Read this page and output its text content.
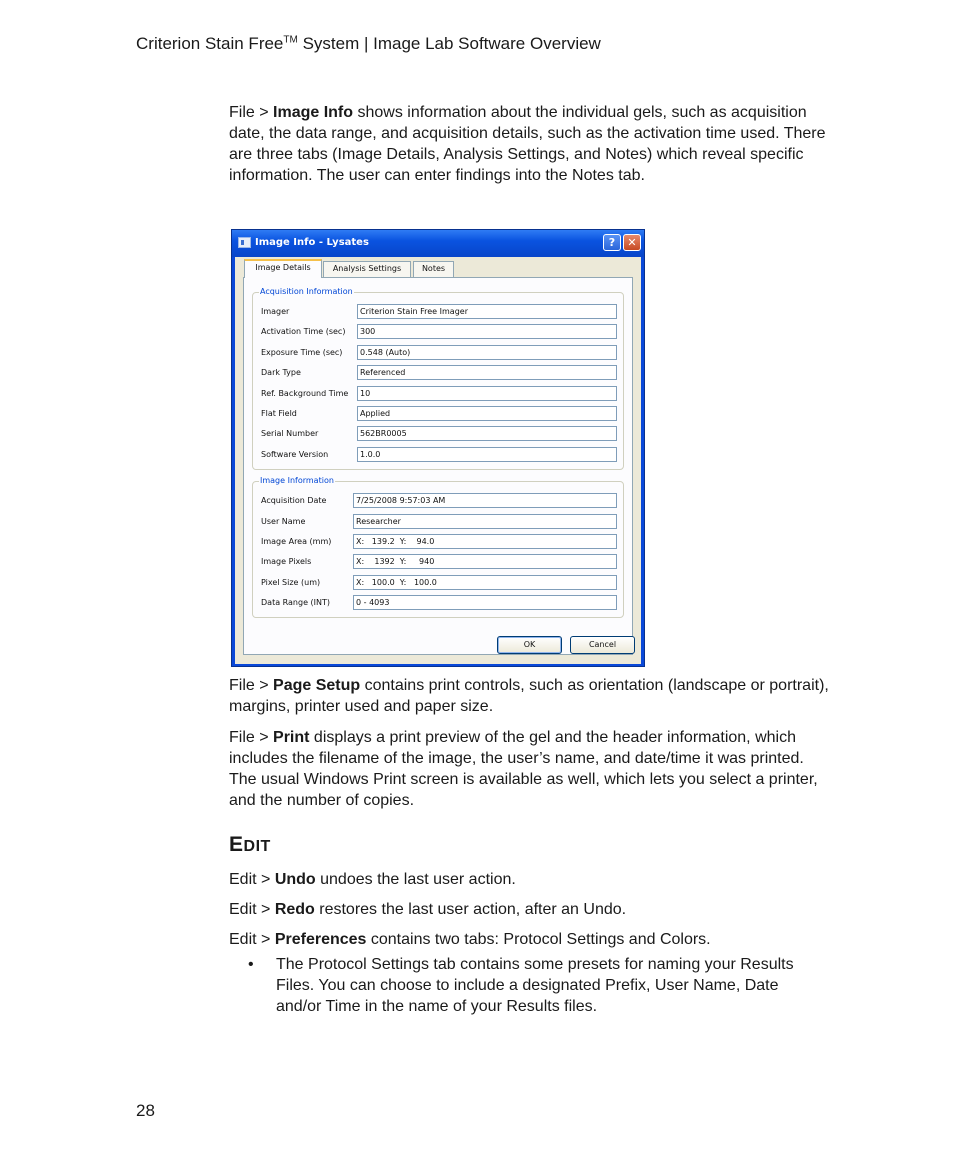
Criterion Stain Free™ System | Image Lab Software Overview

File > Image Info shows information about the individual gels, such as acquisition date, the data range, and acquisition details, such as the activation time used. There are three tabs (Image Details, Analysis Settings, and Notes) which reveal specific information. The user can enter findings into the Notes tab.

Image Info - Lysates	?	✕
Image Details	Analysis Settings	Notes
Acquisition Information
Imager	Criterion Stain Free Imager
Activation Time (sec)	300
Exposure Time (sec)	0.548 (Auto)
Dark Type	Referenced
Ref. Background Time	10
Flat Field	Applied
Serial Number	562BR0005
Software Version	1.0.0
Image Information
Acquisition Date	7/25/2008 9:57:03 AM
User Name	Researcher
Image Area (mm)	X:   139.2  Y:    94.0
Image Pixels	X:    1392  Y:     940
Pixel Size (um)	X:   100.0  Y:   100.0
Data Range (INT)	0 - 4093
OK	Cancel

File > Page Setup contains print controls, such as orientation (landscape or portrait), margins, printer used and paper size.

File > Print displays a print preview of the gel and the header information, which includes the filename of the image, the user’s name, and date/time it was printed. The usual Windows Print screen is available as well, which lets you select a printer, and the number of copies.

EDIT

Edit > Undo undoes the last user action.

Edit > Redo restores the last user action, after an Undo.

Edit > Preferences contains two tabs: Protocol Settings and Colors.

• The Protocol Settings tab contains some presets for naming your Results Files. You can choose to include a designated Prefix, User Name, Date and/or Time in the name of your Results files.
28
